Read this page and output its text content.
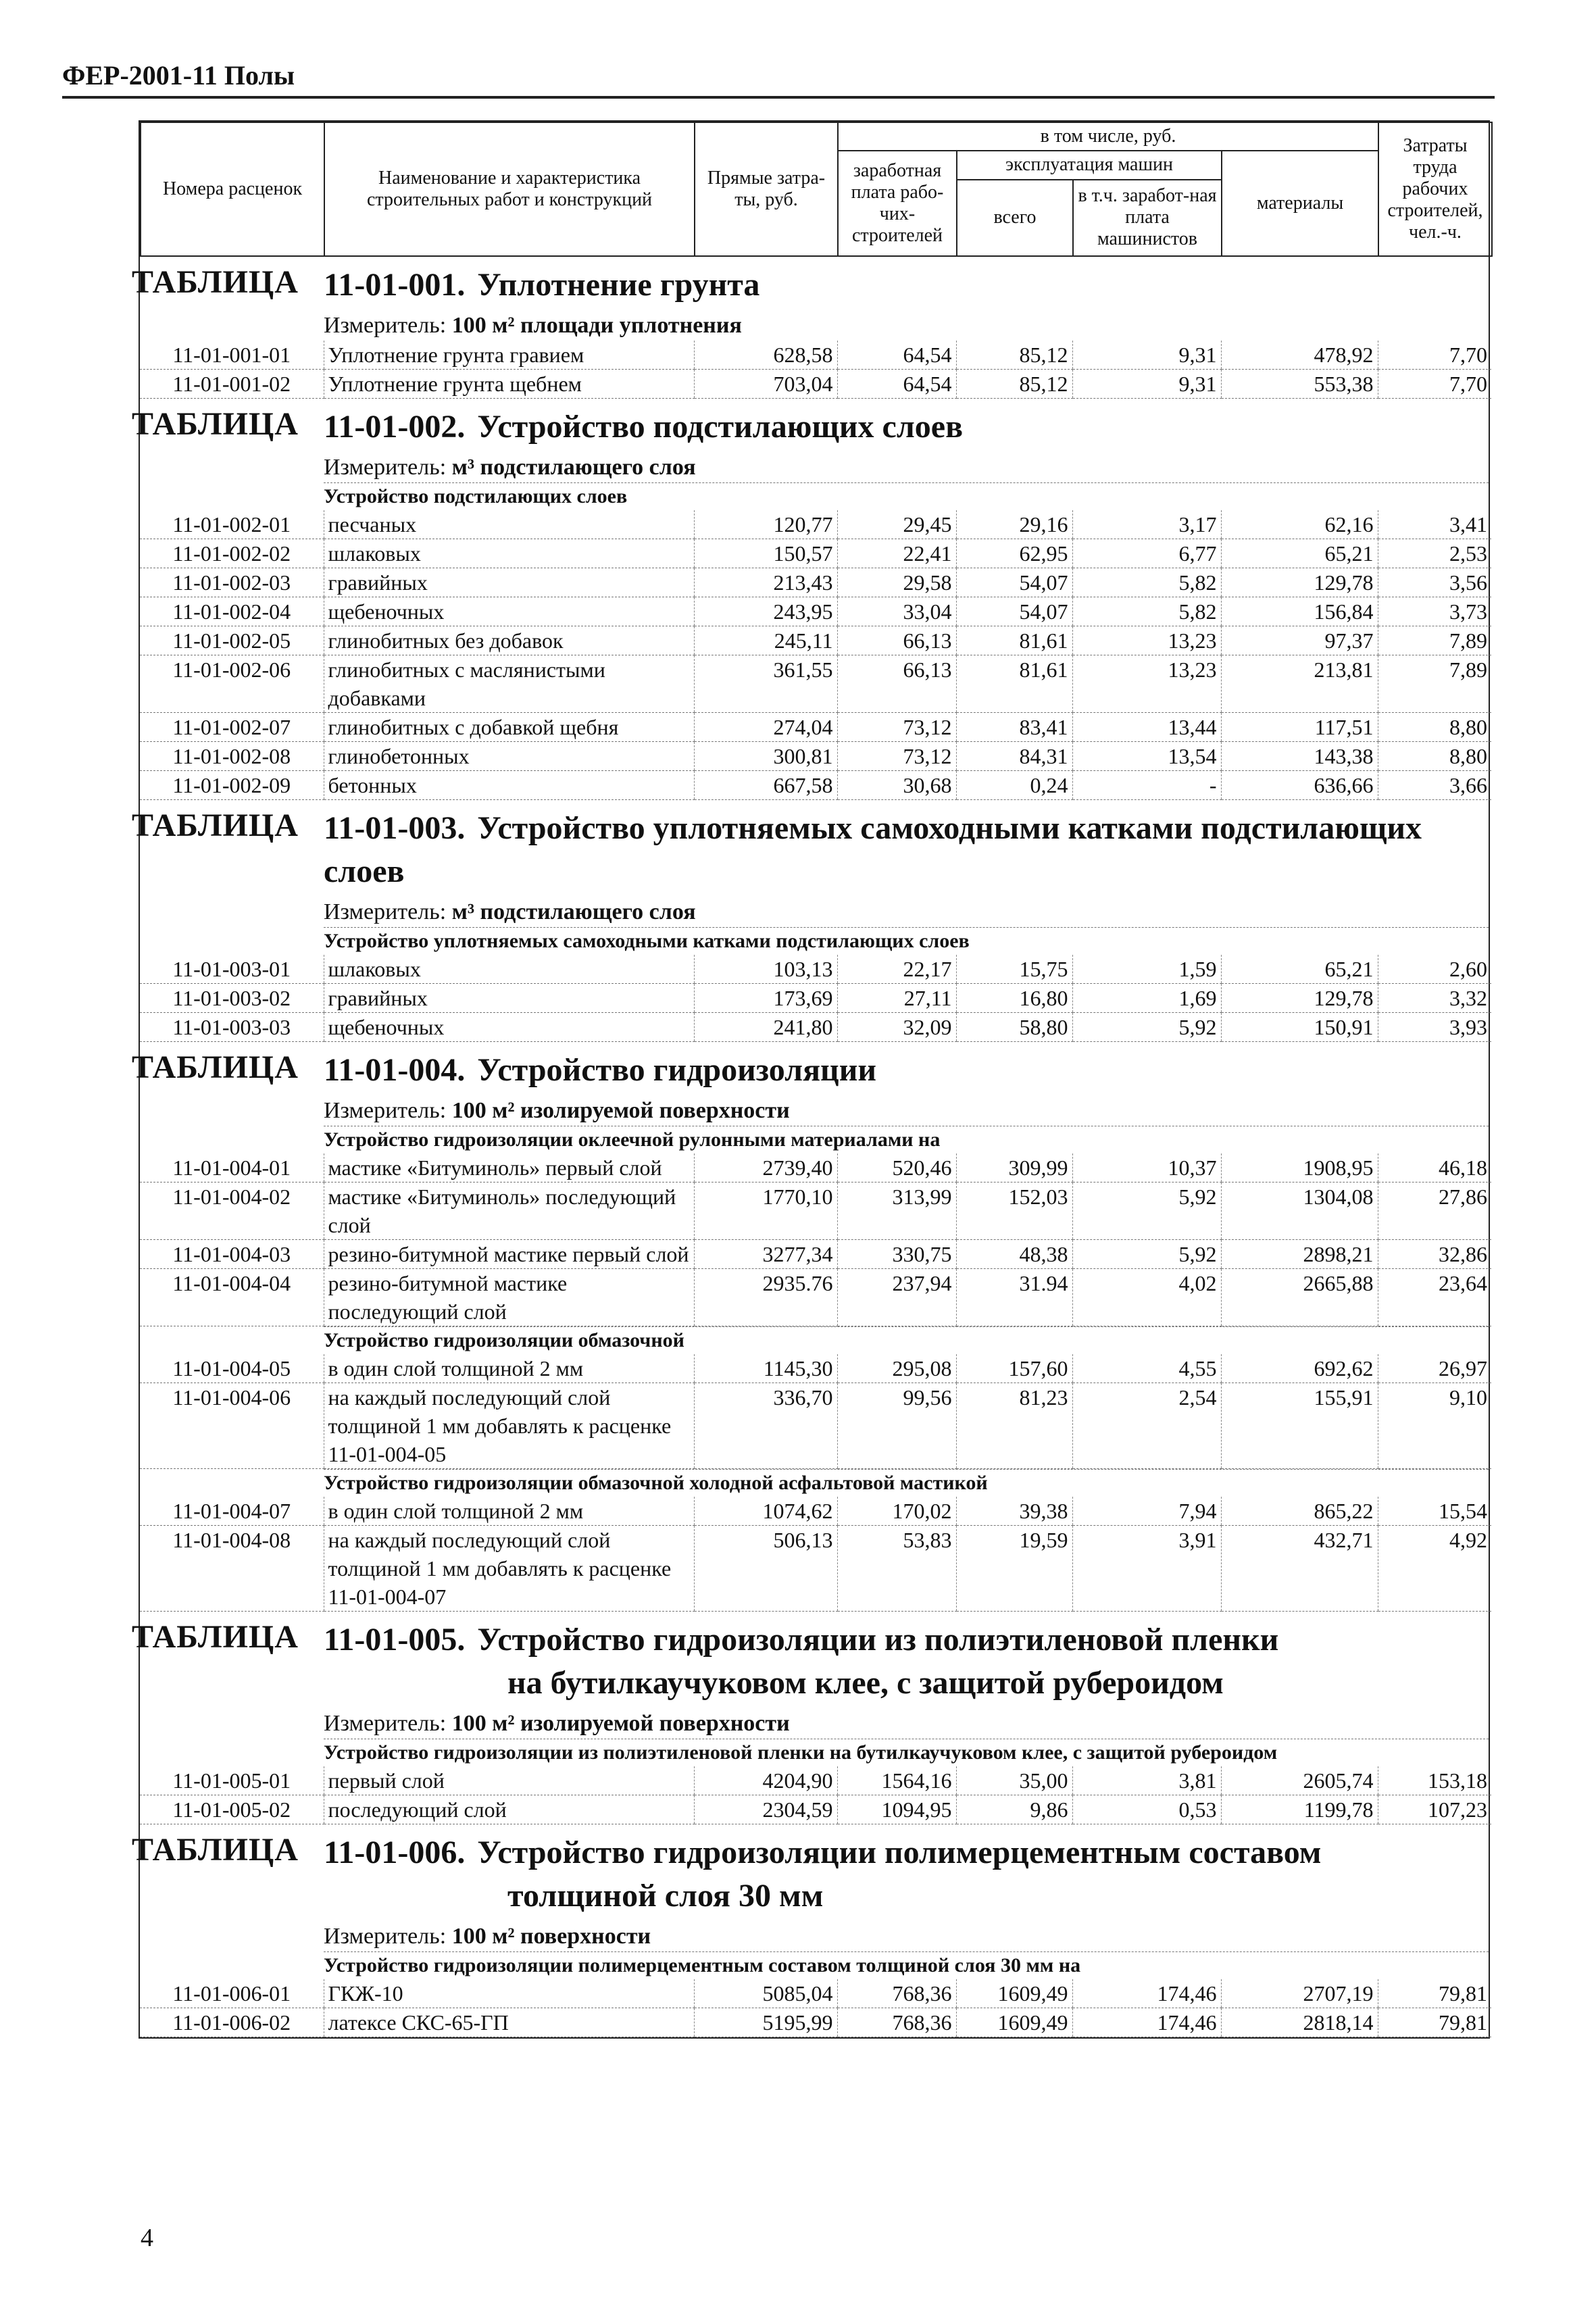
ФЕР-2001-11 Полы
Номера расценок	Наименование и характеристика строительных работ и конструкций	Прямые затра-ты, руб.	в том числе, руб.				Затраты труда рабочих строителей, чел.-ч.
			заработная плата рабо-чих-строителей	эксплуатация машин		материалы	
				всего	в т.ч. заработ-ная плата машинистов		
ТАБЛИЦА 11-01-001. Уплотнение грунта
Измеритель: 100 м² площади уплотнения
11-01-001-01	Уплотнение грунта гравием	628,58	64,54	85,12	9,31	478,92	7,70
11-01-001-02	Уплотнение грунта щебнем	703,04	64,54	85,12	9,31	553,38	7,70
ТАБЛИЦА 11-01-002. Устройство подстилающих слоев
Измеритель: м³ подстилающего слоя
Устройство подстилающих слоев
11-01-002-01	песчаных	120,77	29,45	29,16	3,17	62,16	3,41
11-01-002-02	шлаковых	150,57	22,41	62,95	6,77	65,21	2,53
11-01-002-03	гравийных	213,43	29,58	54,07	5,82	129,78	3,56
11-01-002-04	щебеночных	243,95	33,04	54,07	5,82	156,84	3,73
11-01-002-05	глинобитных без добавок	245,11	66,13	81,61	13,23	97,37	7,89
11-01-002-06	глинобитных с маслянистыми добавками	361,55	66,13	81,61	13,23	213,81	7,89
11-01-002-07	глинобитных с добавкой щебня	274,04	73,12	83,41	13,44	117,51	8,80
11-01-002-08	глинобетонных	300,81	73,12	84,31	13,54	143,38	8,80
11-01-002-09	бетонных	667,58	30,68	0,24	-	636,66	3,66
ТАБЛИЦА 11-01-003. Устройство уплотняемых самоходными катками подстилающих слоев
Измеритель: м³ подстилающего слоя
Устройство уплотняемых самоходными катками подстилающих слоев
11-01-003-01	шлаковых	103,13	22,17	15,75	1,59	65,21	2,60
11-01-003-02	гравийных	173,69	27,11	16,80	1,69	129,78	3,32
11-01-003-03	щебеночных	241,80	32,09	58,80	5,92	150,91	3,93
ТАБЛИЦА 11-01-004. Устройство гидроизоляции
Измеритель: 100 м² изолируемой поверхности
Устройство гидроизоляции оклеечной рулонными материалами на
11-01-004-01	мастике «Битуминоль» первый слой	2739,40	520,46	309,99	10,37	1908,95	46,18
11-01-004-02	мастике «Битуминоль» последующий слой	1770,10	313,99	152,03	5,92	1304,08	27,86
11-01-004-03	резино-битумной мастике первый слой	3277,34	330,75	48,38	5,92	2898,21	32,86
11-01-004-04	резино-битумной мастике последующий слой	2935.76	237,94	31.94	4,02	2665,88	23,64
Устройство гидроизоляции обмазочной
11-01-004-05	в один слой толщиной 2 мм	1145,30	295,08	157,60	4,55	692,62	26,97
11-01-004-06	на каждый последующий слой толщиной 1 мм добавлять к расценке 11-01-004-05	336,70	99,56	81,23	2,54	155,91	9,10
Устройство гидроизоляции обмазочной холодной асфальтовой мастикой
11-01-004-07	в один слой толщиной 2 мм	1074,62	170,02	39,38	7,94	865,22	15,54
11-01-004-08	на каждый последующий слой толщиной 1 мм добавлять к расценке 11-01-004-07	506,13	53,83	19,59	3,91	432,71	4,92
ТАБЛИЦА 11-01-005. Устройство гидроизоляции из полиэтиленовой пленки
на бутилкаучуковом клее, с защитой рубероидом
Измеритель: 100 м² изолируемой поверхности
Устройство гидроизоляции из полиэтиленовой пленки на бутилкаучуковом клее, с защитой рубероидом
11-01-005-01	первый слой	4204,90	1564,16	35,00	3,81	2605,74	153,18
11-01-005-02	последующий слой	2304,59	1094,95	9,86	0,53	1199,78	107,23
ТАБЛИЦА 11-01-006. Устройство гидроизоляции полимерцементным составом
толщиной слоя 30 мм
Измеритель: 100 м² поверхности
Устройство гидроизоляции полимерцементным составом толщиной слоя 30 мм на
11-01-006-01	ГКЖ-10	5085,04	768,36	1609,49	174,46	2707,19	79,81
11-01-006-02	латексе СКС-65-ГП	5195,99	768,36	1609,49	174,46	2818,14	79,81
4
